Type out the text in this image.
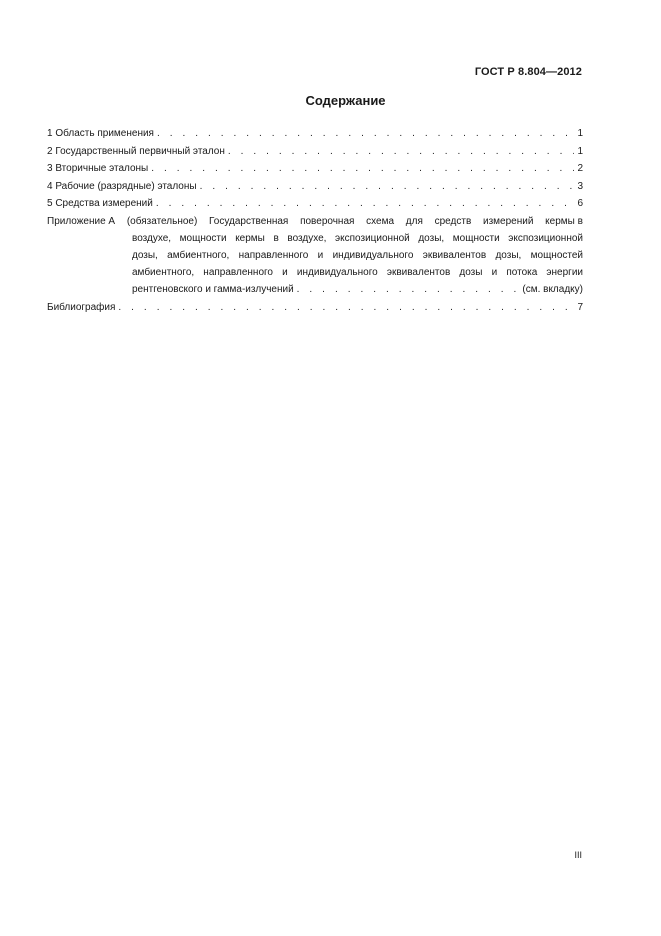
ГОСТ Р 8.804—2012
Содержание
1 Область применения . . .	1
2 Государственный первичный эталон . . .	1
3 Вторичные эталоны . . .	2
4 Рабочие (разрядные) эталоны . . .	3
5 Средства измерений . . .	6
Приложение А (обязательное) Государственная поверочная схема для средств измерений кермы в
воздухе, мощности кермы в воздухе, экспозиционной дозы, мощности экспозиционной
дозы, амбиентного, направленного и индивидуального эквивалентов дозы, мощностей
амбиентного, направленного и индивидуального эквивалентов дозы и потока энергии
рентгеновского и гамма-излучений . . .	(см. вкладку)
Библиография . . .	7
III
